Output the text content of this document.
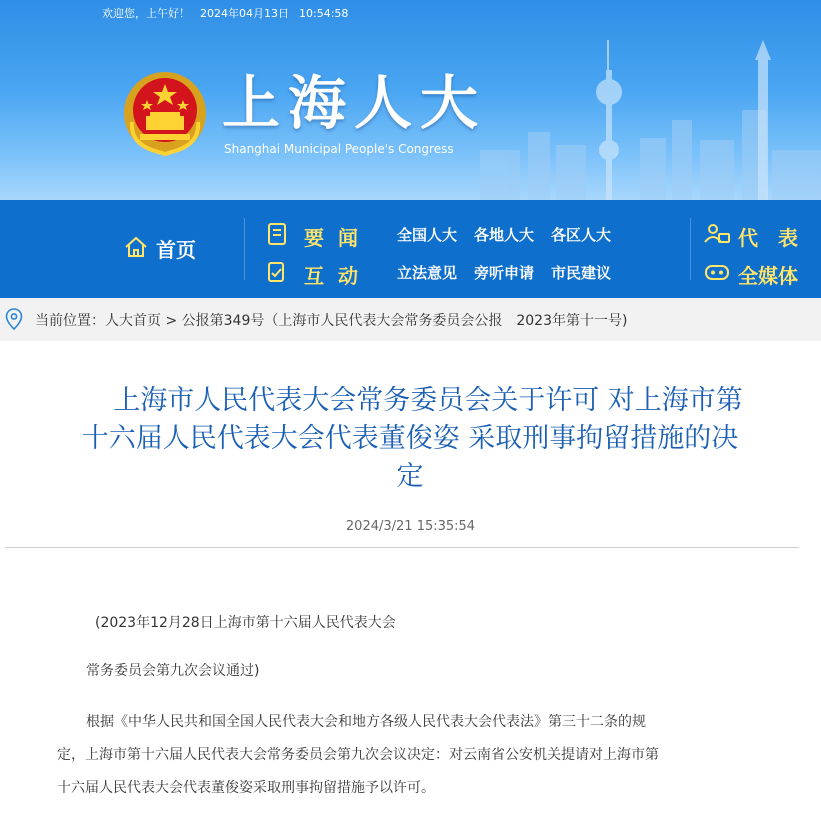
欢迎您，上午好！ 2024年04月13日 10:54:58
上海人大
Shanghai Municipal People's Congress
首页	要闻
互动
全国人大 各地人大 各区人大
立法意见 旁听申请 市民建议
代表
全媒体
当前位置：人大首页 > 公报第349号（上海市人民代表大会常务委员会公报　2023年第十一号)
上海市人民代表大会常务委员会关于许可 对上海市第
十六届人民代表大会代表董俊姿 采取刑事拘留措施的决
定
2024/3/21 15:35:54
(2023年12月28日上海市第十六届人民代表大会
常务委员会第九次会议通过)
根据《中华人民共和国全国人民代表大会和地方各级人民代表大会代表法》第三十二条的规
定，上海市第十六届人民代表大会常务委员会第九次会议决定：对云南省公安机关提请对上海市第
十六届人民代表大会代表董俊姿采取刑事拘留措施予以许可。
